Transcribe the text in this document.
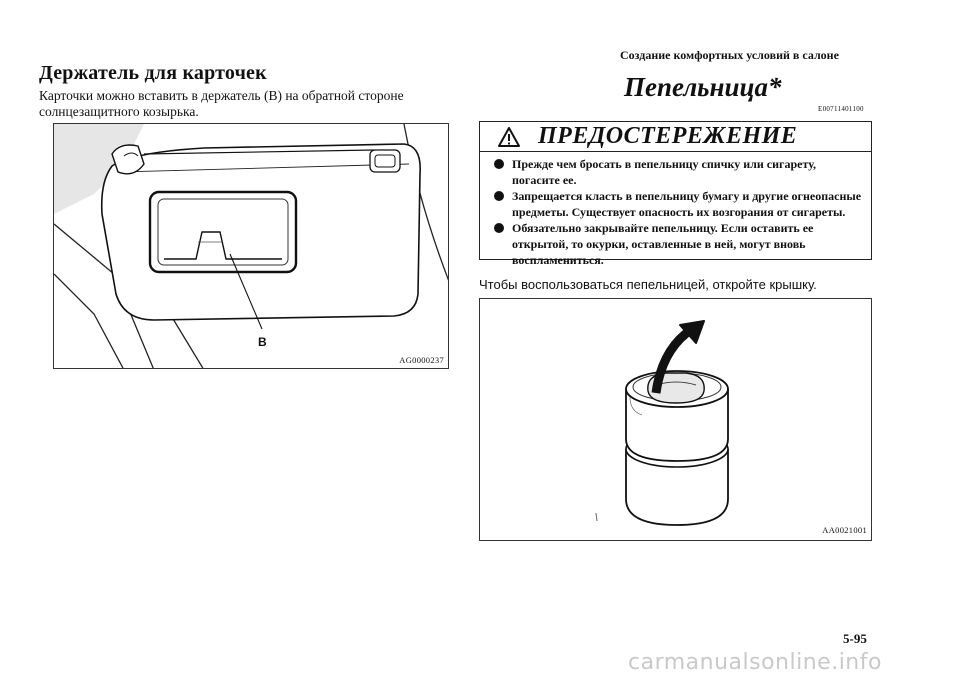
Создание комфортных условий в салоне
Держатель для карточек
Карточки можно вставить в держатель (B) на обратной стороне
солнцезащитного козырька.
B
AG0000237
Пепельница*
E00711401100
ПРЕДОСТЕРЕЖЕНИЕ
Прежде чем бросать в пепельницу спичку или сигарету, погасите ее.
Запрещается класть в пепельницу бумагу и другие огнеопасные предметы. Существует опасность их возгорания от сигареты.
Обязательно закрывайте пепельницу. Если оставить ее открытой, то окурки, оставленные в ней, могут вновь воспламениться.
Чтобы воспользоваться пепельницей, откройте крышку.
AA0021001
5-95
carmanualsonline.info
